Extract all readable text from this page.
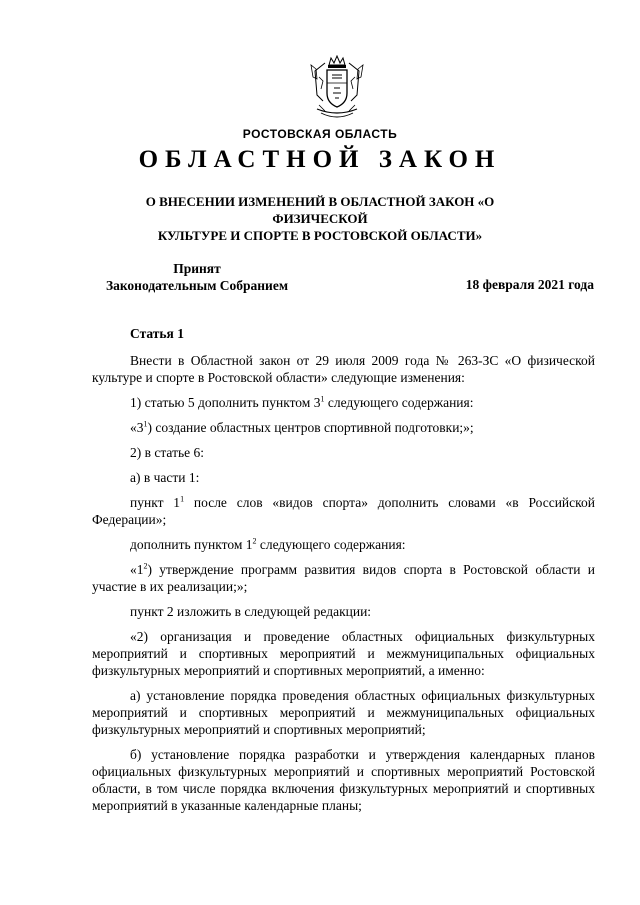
РОСТОВСКАЯ ОБЛАСТЬ
ОБЛАСТНОЙ ЗАКОН
О ВНЕСЕНИИ ИЗМЕНЕНИЙ В ОБЛАСТНОЙ ЗАКОН «О ФИЗИЧЕСКОЙ
КУЛЬТУРЕ И СПОРТЕ В РОСТОВСКОЙ ОБЛАСТИ»
Принят
Законодательным Собранием	18 февраля 2021 года

Статья 1

Внести в Областной закон от 29 июля 2009 года № 263-ЗС «О физической культуре и спорте в Ростовской области» следующие изменения:

1) статью 5 дополнить пунктом $3^1$ следующего содержания:

«$3^1$) создание областных центров спортивной подготовки;»;

2) в статье 6:

а) в части 1:

пункт $1^1$ после слов «видов спорта» дополнить словами «в Российской Федерации»;

дополнить пунктом $1^2$ следующего содержания:

«$1^2$) утверждение программ развития видов спорта в Ростовской области и участие в их реализации;»;

пункт 2 изложить в следующей редакции:

«2) организация и проведение областных официальных физкультурных мероприятий и спортивных мероприятий и межмуниципальных официальных физкультурных мероприятий и спортивных мероприятий, а именно:

а) установление порядка проведения областных официальных физкультурных мероприятий и спортивных мероприятий и межмуниципальных официальных физкультурных мероприятий и спортивных мероприятий;

б) установление порядка разработки и утверждения календарных планов официальных физкультурных мероприятий и спортивных мероприятий Ростовской области, в том числе порядка включения физкультурных мероприятий и спортивных мероприятий в указанные календарные планы;
